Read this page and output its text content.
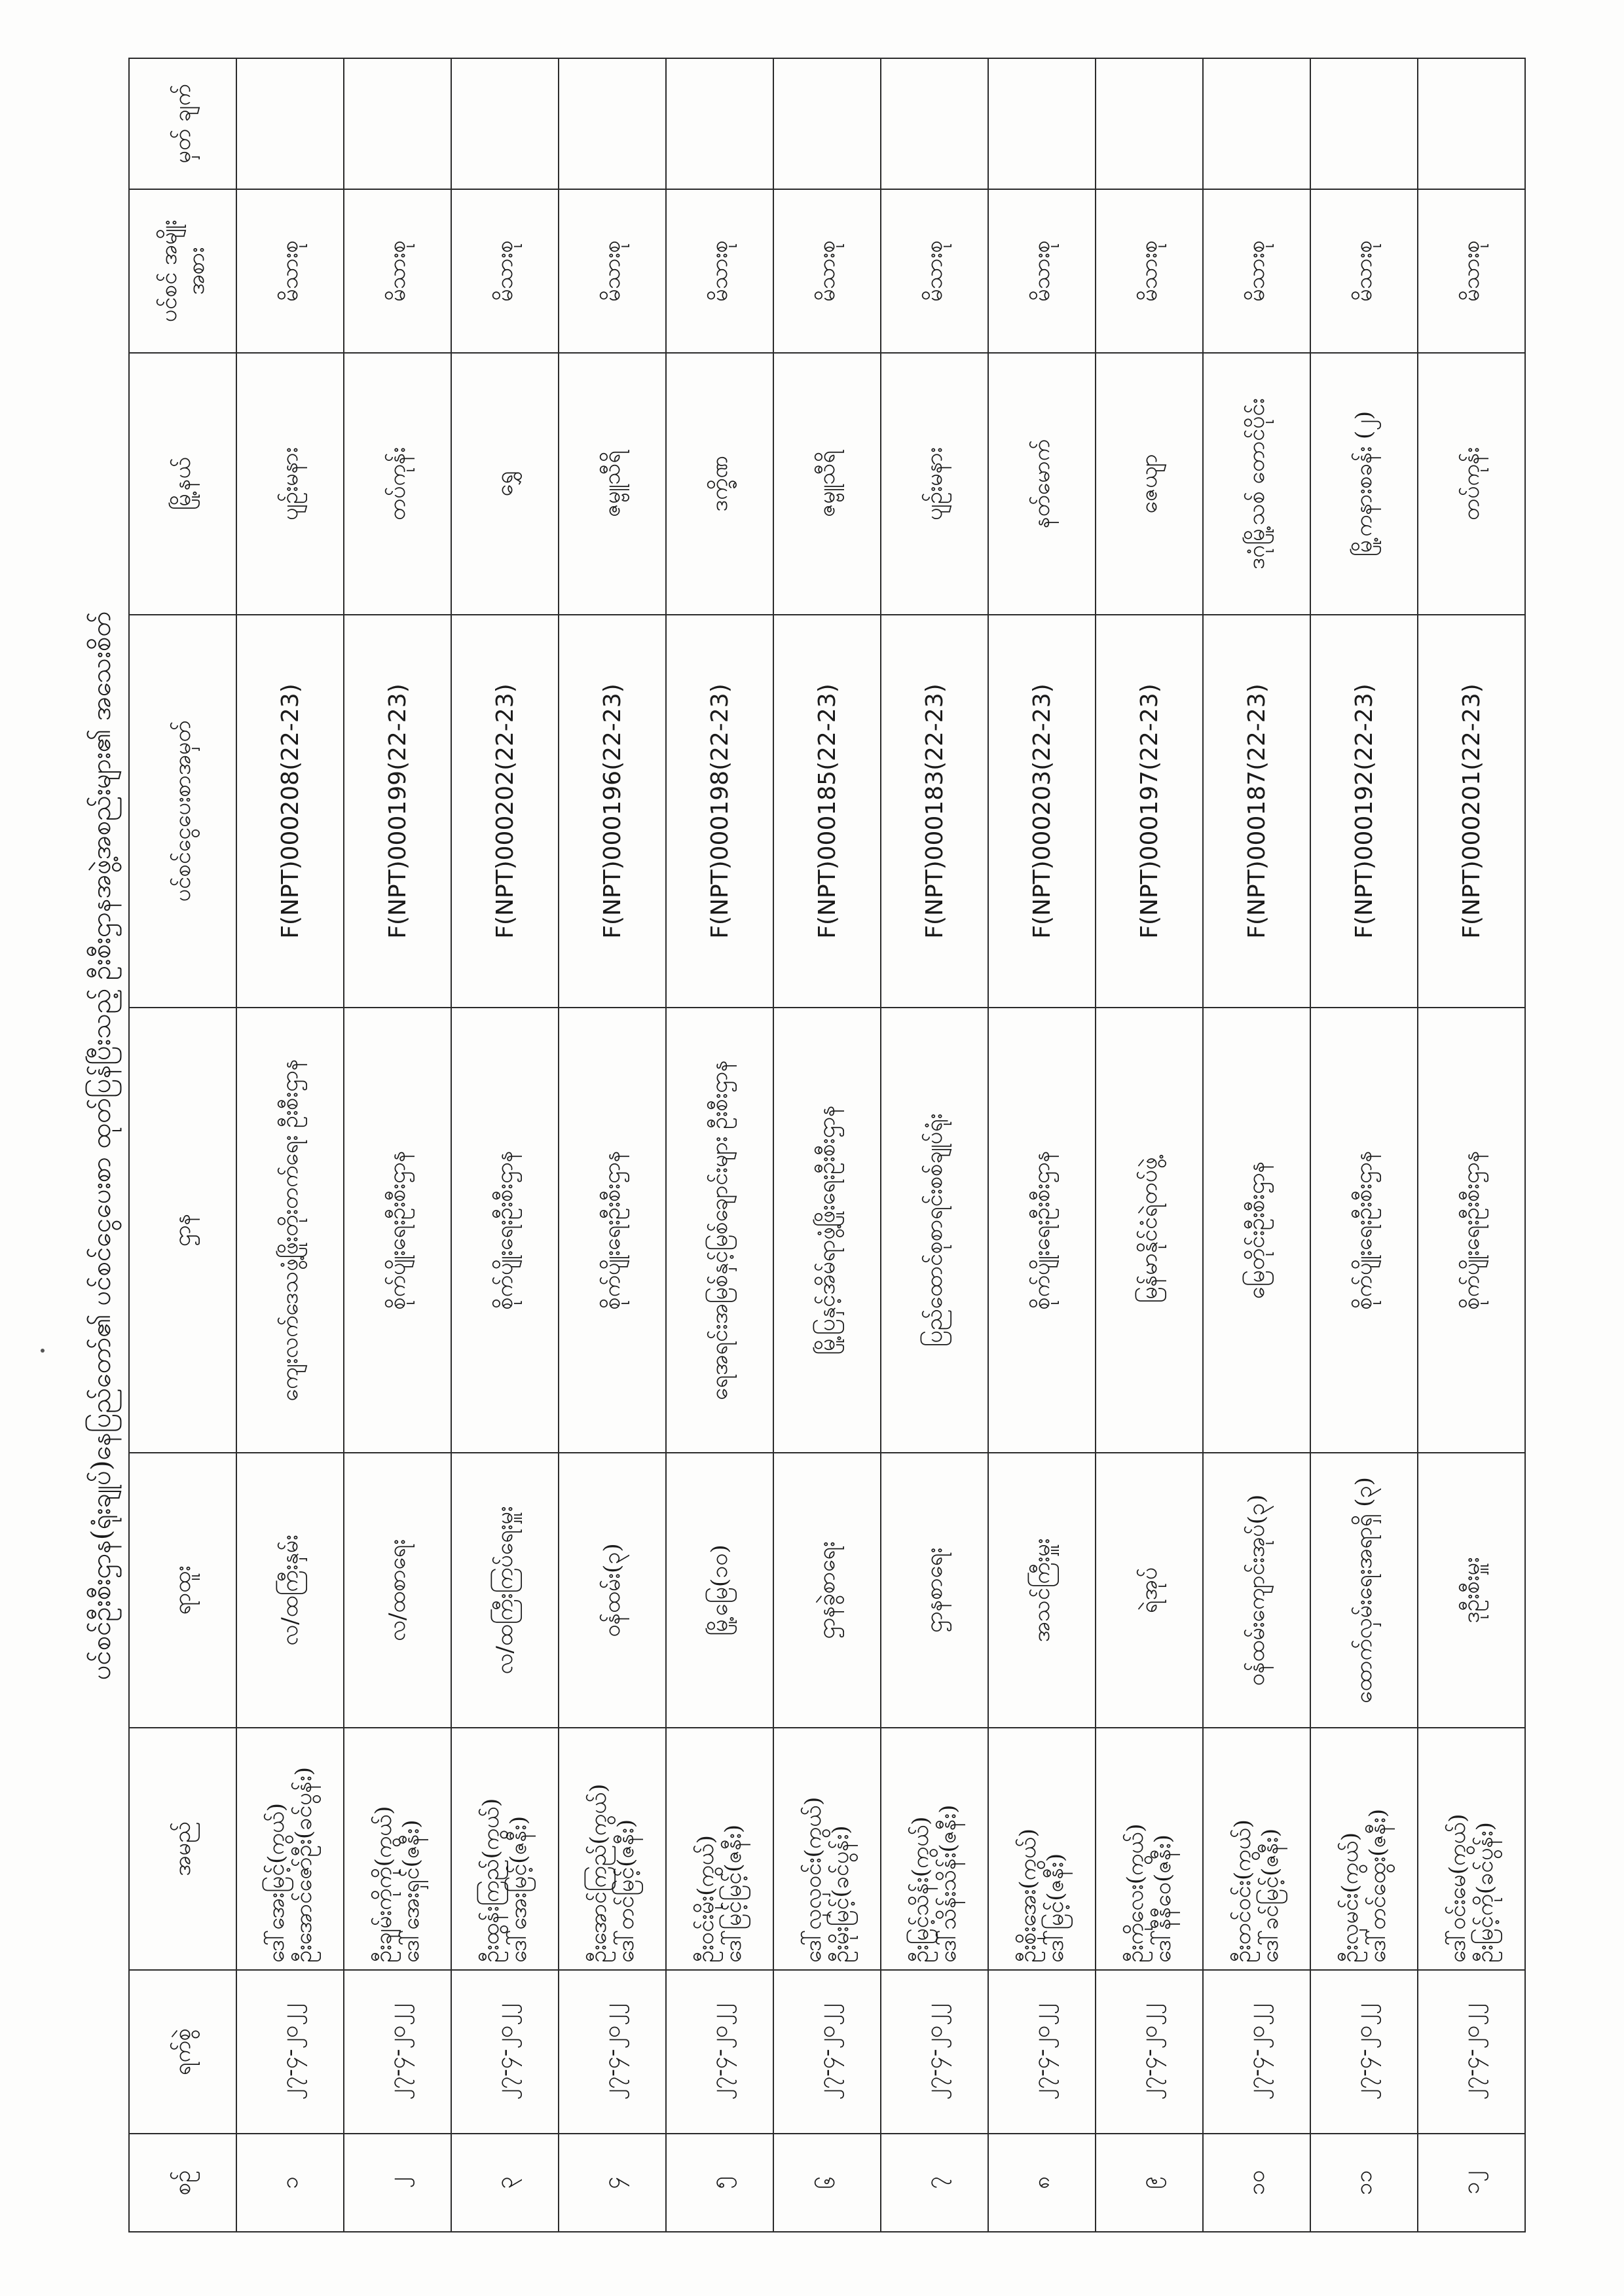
ပင်စင်ဦးစီးဌာန(ရုံးချုပ်)နေပြည်တော်၏ ပင်စင်ငွေပေးစာ ထုတ်ပြန်ပြီးသည့် ဦးစီးဌာနအဖွဲ့အစည်းများ၏ အသေးစိတ်
စဉ်	ရက်စွဲ	အမည်	ရာထူး	ဌာန	ပင်စင်ငွေပေးစာအမှတ်	မြို့နယ်	ပင်စင် အမျိုးအစား	မှတ် ချက်
၁	၂၇-၄-၂၀၂၂	ဒေါ်အေးမြင့်(ကွယ်) ဦးအောင်ဇော်ဦး(ခင်ပွန်း)	လ/ထကြီးနှမ်း	ကျေးလက်ဒေသဖွံ့ဖြိုးတိုးတက်ရေး ဦးစီးဌာန	F(NPT)000208(22-23)	ပျဉ်းမနား	မိသားစု	
၂	၂၇-၄-၂၀၂၂	ဦးချမ်းကိုကို(ကွယ်) ဒေါ်အေးရှင်(ဇနီး)	လ/ထစာရေး	စိုက်ပျိုးရေးဦးစီးဌာန	F(NPT)000199(22-23)	တပ်ကုန်း	မိသားစု	
၃	၂၇-၄-၂၀၂၂	ဦးထွန်းကြည်(ကွယ်) ဒေါ်အေးမြင့်(ဇနီး)	လ/ထကြီးကြပ်ရေးမှူး	စိုက်ပျိုးရေးဦးစီးဌာန	F(NPT)000202(22-23)	ရွှေ	မိသားစု	
၄	၂၇-၄-၂၀၂၂	ဦးအောင်ကြည်(ကွယ်) ဒေါ်တင်မြင့်(ဇနီး)	ဝန်ထမ်း(၃)	စိုက်ပျိုးရေးဦးစီးဌာန	F(NPT)000196(22-23)	ဇမ္ဗူသီရိ	မိသားစု	
၅	၂၇-၄-၂၀၂၂	ဦးဝင်းမိုး(ကွယ်) ဒေါ်မြင့်မြင့်(ဇနီး)	မြို့မြေ(၁၀)	ရေအရင်းအမြစ်နှင့်မြစ်ချောင်းများ ဦးစီးဌာန	F(NPT)000198(22-23)	ဒက္ခိဏ	မိသားစု	
၆	၂၇-၄-၂၀၂၂	ဒေါ်လှလှဝင်း(ကွယ်) ဦးမိုးမြင့်(ခင်ပွန်း)	ဌာနခွဲစာရေး	မြို့ပြနှင့်အိမ်ရာဖွံ့ဖြိုးရေးဦးစီးဌာန	F(NPT)000185(22-23)	ဇမ္ဗူသီရိ	မိသားစု	
၇	၂၇-၄-၂၀၂၂	ဦးမြင့်သိန်း(ကွယ်) ဒေါ်သိန်းသိန်း(ဇနီး)	ဌာနစာရေး	ပြည်ထောင်စုစာရင်းစစ်ချုပ်ရုံး	F(NPT)000183(22-23)	ပျဉ်းမနား	မိသားစု	
၈	၂၇-၄-၂၀၂၂	ဦးစိုးအေး(ကွယ်) ဒေါ်မြင့်(ဇနီး)	အသင်ကြီးမှူး	စိုက်ပျိုးရေးဦးစီးဌာန	F(NPT)000203(22-23)	နတ်မောက်	မိသားစု	
၉	၂၇-၄-၂၀၂၂	ဦးကိုလေး(ကွယ်) ဒေါ်နီနီဝေ(ဇနီး)	ရဲအုပ်	မြန်မာနိုင်ငံရဲတပ်ဖွဲ့	F(NPT)000197(22-23)	ဇေယျာ	မိသားစု	
၁၀	၂၇-၄-၂၀၂၂	ဦးတင်ဝင်း(ကွယ်) ဒေါ်ခင်မြင့်(ဇနီး)	ဝန်ထမ်းကျောင်းအုပ်(၃)	မြေတိုင်းဦးစီးဌာန	F(NPT)000187(22-23)	ဒဂုံမြို့သစ် တောင်ပိုင်း	မိသားစု	
၁၁	၂၇-၄-၂၀၂၂	ဦးလှမင်း(ကွယ်) ဒေါ်တင်ထွေး(ဇနီး)	ထောက်လှမ်းရေးအရာရှိ (၃)	စိုက်ပျိုးရေးဦးစီးဌာန	F(NPT)000192(22-23)	မြို့ကနားစခန်း (၂)	မိသားစု	
၁၂	၂၇-၄-၂၀၂၂	ဒေါ်ဝင်းမေ(ကွယ်) ဦးမြင့်ကို(ခင်ပွန်း)	ဒုဦးစီးမှူး	စိုက်ပျိုးရေးဦးစီးဌာန	F(NPT)000201(22-23)	တပ်ကုန်း	မိသားစု	
